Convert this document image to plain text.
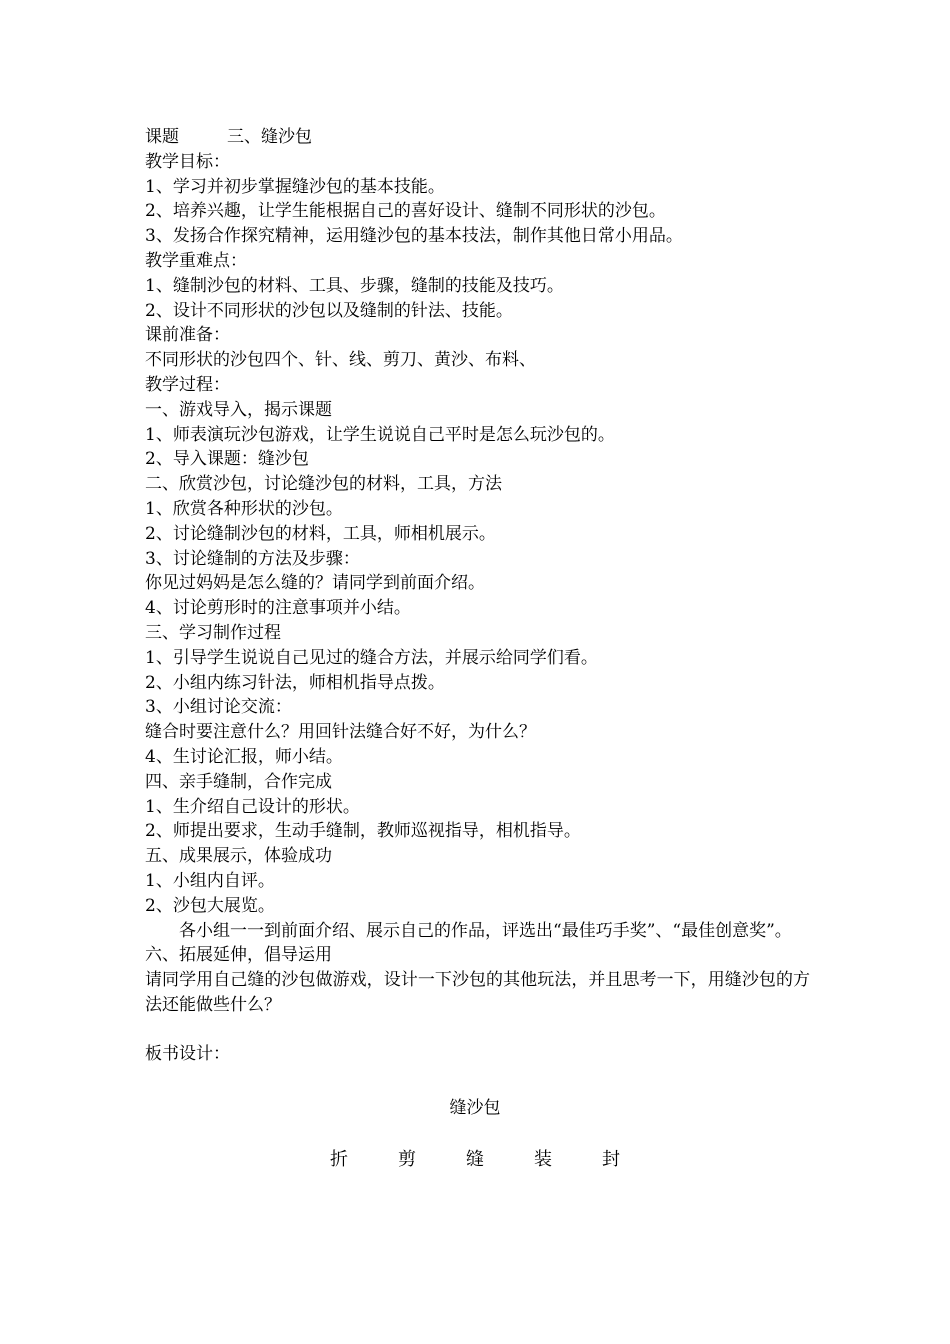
课题	三、缝沙包
教学目标：
1、学习并初步掌握缝沙包的基本技能。
2、培养兴趣，让学生能根据自己的喜好设计、缝制不同形状的沙包。
3、发扬合作探究精神，运用缝沙包的基本技法，制作其他日常小用品。
教学重难点：
1、缝制沙包的材料、工具、步骤，缝制的技能及技巧。
2、设计不同形状的沙包以及缝制的针法、技能。
课前准备：
不同形状的沙包四个、针、线、剪刀、黄沙、布料、
教学过程：
一、游戏导入，揭示课题
1、师表演玩沙包游戏，让学生说说自己平时是怎么玩沙包的。
2、导入课题：缝沙包
二、欣赏沙包，讨论缝沙包的材料，工具，方法
1、欣赏各种形状的沙包。
2、讨论缝制沙包的材料，工具，师相机展示。
3、讨论缝制的方法及步骤：
你见过妈妈是怎么缝的？请同学到前面介绍。
4、讨论剪形时的注意事项并小结。
三、学习制作过程
1、引导学生说说自己见过的缝合方法，并展示给同学们看。
2、小组内练习针法，师相机指导点拨。
3、小组讨论交流：
缝合时要注意什么？用回针法缝合好不好，为什么？
4、生讨论汇报，师小结。
四、亲手缝制，合作完成
1、生介绍自己设计的形状。
2、师提出要求，生动手缝制，教师巡视指导，相机指导。
五、成果展示，体验成功
1、小组内自评。
2、沙包大展览。
各小组一一到前面介绍、展示自己的作品，评选出“最佳巧手奖”、“最佳创意奖”。
六、拓展延伸，倡导运用
请同学用自己缝的沙包做游戏，设计一下沙包的其他玩法，并且思考一下，用缝沙包的方法还能做些什么？
板书设计：
缝沙包
折	剪	缝	装	封
